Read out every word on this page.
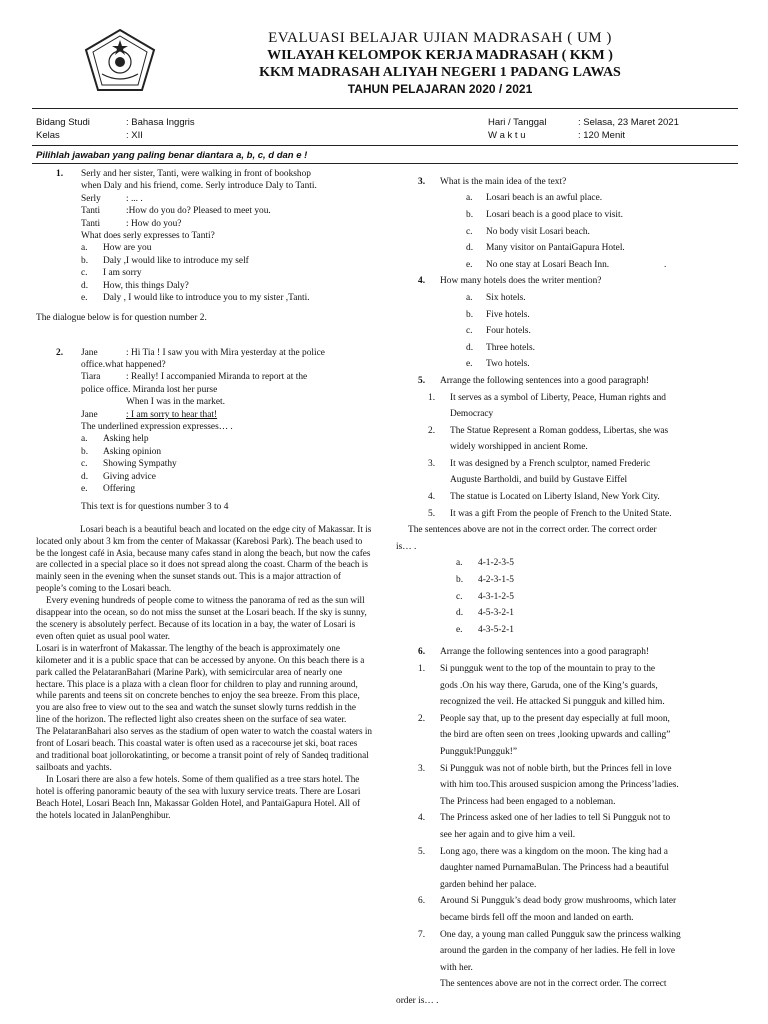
EVALUASI BELAJAR UJIAN MADRASAH ( UM )
WILAYAH KELOMPOK KERJA MADRASAH ( KKM )
KKM MADRASAH ALIYAH NEGERI 1 PADANG LAWAS
TAHUN PELAJARAN 2020 / 2021
Bidang Studi	: Bahasa Inggris
Kelas	: XII
Hari / Tanggal	: Selasa, 23 Maret 2021
W a k t u	: 120 Menit
Pilihlah jawaban yang paling benar diantara a, b, c, d dan e !
1. Serly and her sister, Tanti, were walking in front of bookshop
when Daly and his friend, come. Serly introduce Daly to Tanti.
Serly	: ... .
Tanti	:How do you do? Pleased to meet you.
Tanti	: How do you?
What does serly expresses to Tanti?
a. How are you
b. Daly ,I would like to introduce my self
c. I am sorry
d. How, this things Daly?
e. Daly , I would like to introduce you to my sister ,Tanti.
The dialogue below is for question number 2.
2. Jane	: Hi Tia ! I saw you with Mira yesterday at the police
office.what happened?
Tiara	: Really! I accompanied Miranda to report at the
police office. Miranda lost her purse
When I was in the market.
Jane	: I am sorry to hear that!
The underlined expression expresses… .
a. Asking help
b. Asking opinion
c. Showing Sympathy
d. Giving advice
e. Offering
This text is for questions number 3 to 4
Losari beach is a beautiful beach and located on the edge city of Makassar. It is located only about 3 km from the center of Makassar (Karebosi Park). The beach used to be the longest café in Asia, because many cafes stand in along the beach, but now the cafes are collected in a special place so it does not spread along the coast. Charm of the beach is mainly seen in the evening when the sunset stands out. This is a major attraction of people’s coming to the Losari beach.
Every evening hundreds of people come to witness the panorama of red as the sun will disappear into the ocean, so do not miss the sunset at the Losari beach. If the sky is sunny, the scenery is absolutely perfect. Because of its location in a bay, the water of Losari is even often quiet as usual pool water.
Losari is in waterfront of Makassar. The lengthy of the beach is approximately one kilometer and it is a public space that can be accessed by anyone. On this beach there is a park called the PelataranBahari (Marine Park), with semicircular area of nearly one hectare. This place is a plaza with a clean floor for children to play and running around, while parents and teens sit on concrete benches to enjoy the sea breeze. From this place, you are also free to view out to the sea and watch the sunset slowly turns reddish in the line of the horizon. The reflected light also creates sheen on the surface of sea water.
The PelataranBahari also serves as the stadium of open water to watch the coastal waters in front of Losari beach. This coastal water is often used as a racecourse jet ski, boat races and traditional boat jollorokatinting, or become a transit point of rely of Sandeq traditional sailboats and yachts.
In Losari there are also a few hotels. Some of them qualified as a tree stars hotel. The hotel is offering panoramic beauty of the sea with luxury service treats. There are Losari Beach Hotel, Losari Beach Inn, Makassar Golden Hotel, and PantaiGapura Hotel. All of the hotels located in JalanPenghibur.
3. What is the main idea of the text?
a. Losari beach is an awful place.
b. Losari beach is a good place to visit.
c. No body visit Losari beach.
d. Many visitor on PantaiGapura Hotel.
e. No one stay at Losari Beach Inn.	.
4. How many hotels does the writer mention?
a. Six hotels.
b. Five hotels.
c. Four hotels.
d. Three hotels.
e. Two hotels.
5. Arrange the following sentences into a good paragraph!
1. It serves as a symbol of Liberty, Peace, Human rights and
Democracy
2. The Statue Represent a Roman goddess, Libertas, she was
widely worshipped in ancient Rome.
3. It was designed by a French sculptor, named Frederic
Auguste Bartholdi, and build by Gustave Eiffel
4. The statue is Located on Liberty Island, New York City.
5. It was a gift From the people of French to the United State.
The sentences above are not in the correct order. The correct order
is… .
a. 4-1-2-3-5
b. 4-2-3-1-5
c. 4-3-1-2-5
d. 4-5-3-2-1
e. 4-3-5-2-1
6. Arrange the following sentences into a good paragraph!
1. Si pungguk went to the top of the mountain to pray to the
gods .On his way there, Garuda, one of the King’s guards,
recognized the veil. He attacked Si pungguk and killed him.
2. People say that, up to the present day especially at full moon,
the bird are often seen on trees ,looking upwards and calling”
Pungguk!Pungguk!”
3. Si Pungguk was not of noble birth, but the Princes fell in love
with him too.This aroused suspicion among the Princess’ladies.
The Princess had been engaged to a nobleman.
4. The Princess asked one of her ladies to tell Si Pungguk not to
see her again and to give him a veil.
5. Long ago, there was a kingdom on the moon. The king had a
daughter named PurnamaBulan. The Princess had a beautiful
garden behind her palace.
6. Around Si Pungguk’s dead body grow mushrooms, which later
became birds fell off the moon and landed on earth.
7. One day, a young man called Pungguk saw the princess walking
around the garden in the company of her ladies. He fell in love
with her.
The sentences above are not in the correct order. The correct
order is… .
